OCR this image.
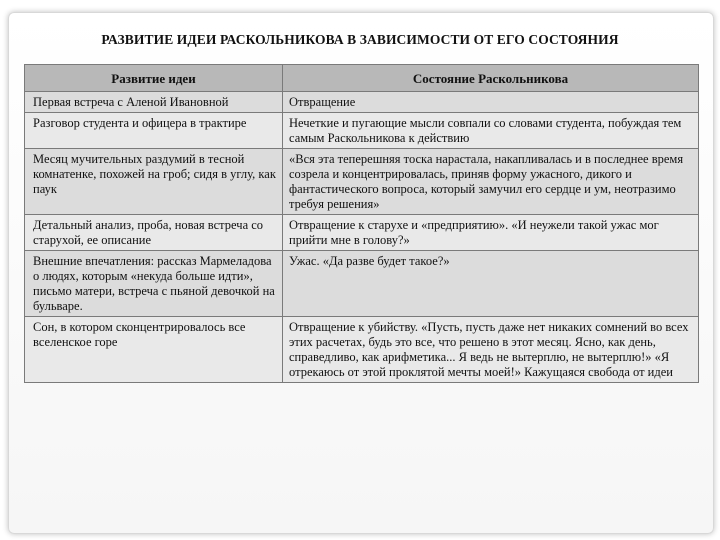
РАЗВИТИЕ ИДЕИ РАСКОЛЬНИКОВА В ЗАВИСИМОСТИ ОТ ЕГО СОСТОЯНИЯ
Развитие идеи	Состояние Раскольникова
Первая встреча с Аленой Ивановной	Отвращение
Разговор студента и офицера в трактире	Нечеткие и пугающие мысли совпали со словами студента, побуждая тем самым Раскольникова к действию
Месяц мучительных раздумий в тесной комнатенке, похожей на гроб; сидя в углу, как паук	«Вся эта теперешняя тоска нарастала, накапливалась и в последнее время созрела и концентрировалась, приняв форму ужасного, дикого и фантастического вопроса, который замучил его сердце и ум, неотразимо требуя решения»
Детальный анализ, проба, новая встреча со старухой, ее описание	Отвращение к старухе и «предприятию». «И неужели такой ужас мог прийти мне в голову?»
Внешние впечатления: рассказ Мармеладова о людях, которым «некуда больше идти», письмо матери, встреча с пьяной девочкой на бульваре.	Ужас. «Да разве будет такое?»
Сон, в котором сконцентрировалось все вселенское горе	Отвращение к убийству. «Пусть, пусть даже нет никаких сомнений во всех этих расчетах, будь это все, что решено в этот месяц. Ясно, как день, справедливо, как арифметика... Я ведь не вытерплю, не вытерплю!» «Я отрекаюсь от этой проклятой мечты моей!» Кажущаяся свобода от идеи
